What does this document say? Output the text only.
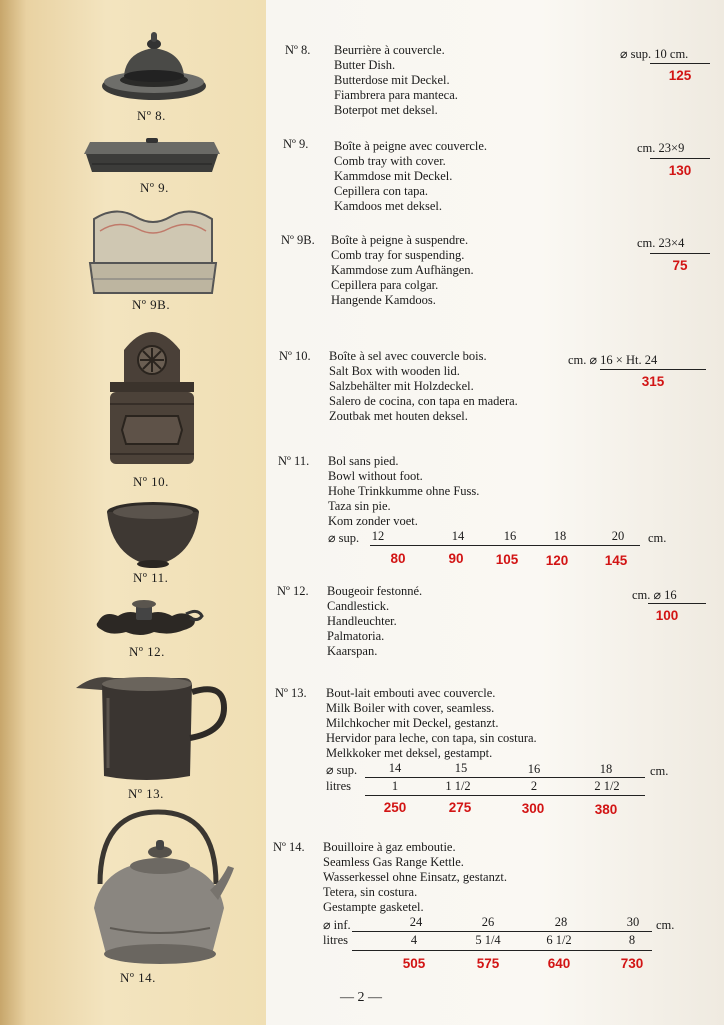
Nº 8.
Nº 9.
Nº 9B.
Nº 10.
Nº 11.
Nº 12.
Nº 13.
Nº 14.
Nº 8. Beurrière à couvercle.
Butter Dish.
Butterdose mit Deckel.
Fiambrera para manteca.
Boterpot met deksel.
⌀ sup. 10 cm.
125
Nº 9. Boîte à peigne avec couvercle.
Comb tray with cover.
Kammdose mit Deckel.
Cepillera con tapa.
Kamdoos met deksel.
cm. 23×9
130
Nº 9B. Boîte à peigne à suspendre.
Comb tray for suspending.
Kammdose zum Aufhängen.
Cepillera para colgar.
Hangende Kamdoos.
cm. 23×4
75
Nº 10. Boîte à sel avec couvercle bois.
Salt Box with wooden lid.
Salzbehälter mit Holzdeckel.
Salero de cocina, con tapa en madera.
Zoutbak met houten deksel.
cm. ⌀ 16 × Ht. 24
315
Nº 11. Bol sans pied.
Bowl without foot.
Hohe Trinkkumme ohne Fuss.
Taza sin pie.
Kom zonder voet.
⌀ sup.	12	14	16	18	20	cm.
80	90	105	120	145
Nº 12. Bougeoir festonné.
Candlestick.
Handleuchter.
Palmatoria.
Kaarspan.
cm. ⌀ 16
100
Nº 13. Bout-lait embouti avec couvercle.
Milk Boiler with cover, seamless.
Milchkocher mit Deckel, gestanzt.
Hervidor para leche, con tapa, sin costura.
Melkkoker met deksel, gestampt.
⌀ sup.	14	15	16	18	cm.
litres	1	1 1/2	2	2 1/2
250	275	300	380
Nº 14. Bouilloire à gaz emboutie.
Seamless Gas Range Kettle.
Wasserkessel ohne Einsatz, gestanzt.
Tetera, sin costura.
Gestampte gasketel.
⌀ inf.	24	26	28	30	cm.
litres	4	5 1/4	6 1/2	8
505	575	640	730
— 2 —
